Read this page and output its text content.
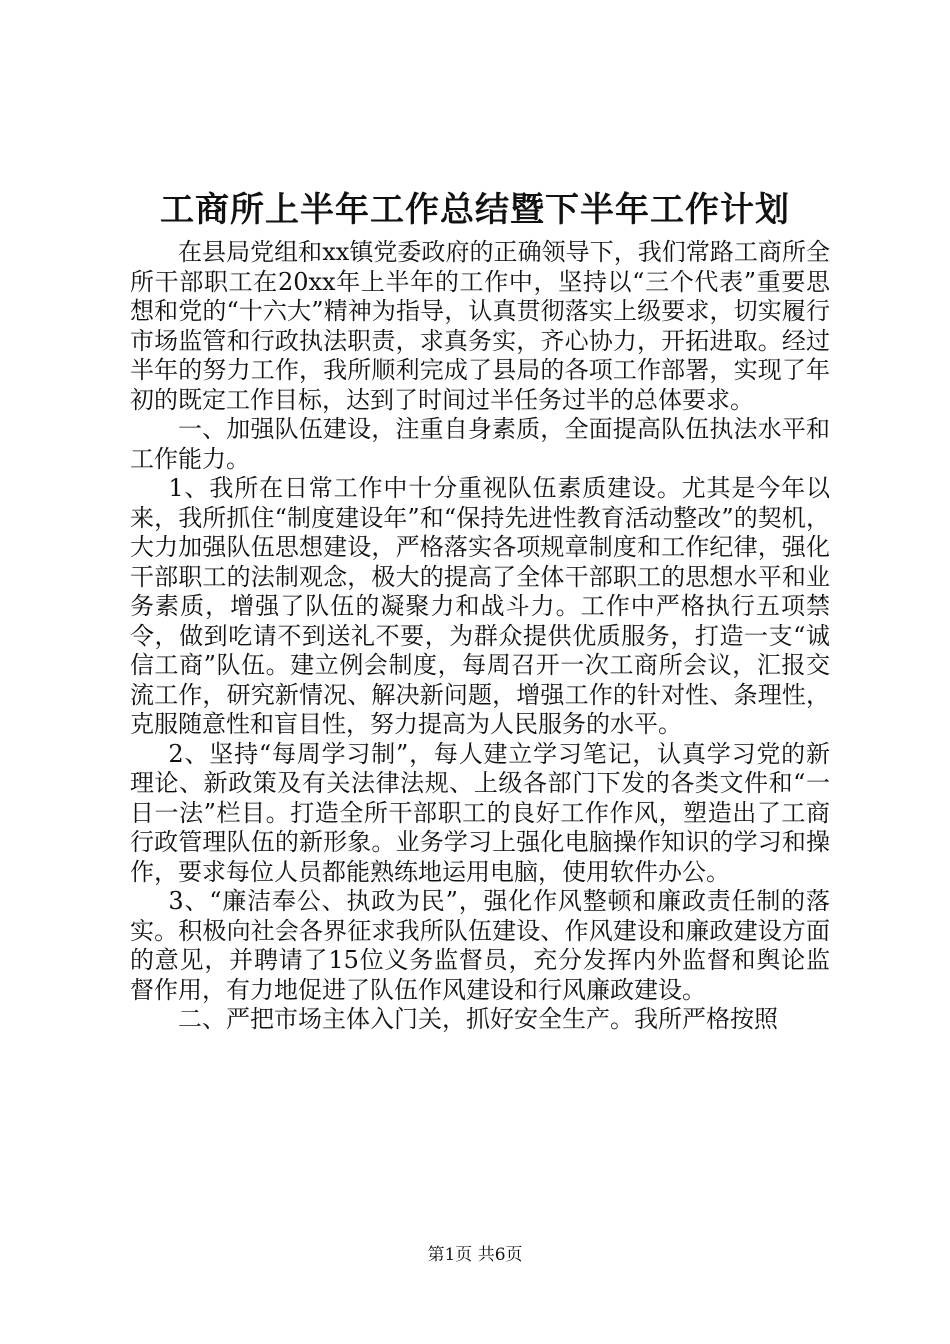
工商所上半年工作总结暨下半年工作计划

在县局党组和xx镇党委政府的正确领导下，我们常路工商所全所干部职工在20xx年上半年的工作中，坚持以“三个代表”重要思想和党的“十六大”精神为指导，认真贯彻落实上级要求，切实履行市场监管和行政执法职责，求真务实，齐心协力，开拓进取。经过半年的努力工作，我所顺利完成了县局的各项工作部署，实现了年初的既定工作目标，达到了时间过半任务过半的总体要求。

一、加强队伍建设，注重自身素质，全面提高队伍执法水平和工作能力。

1、我所在日常工作中十分重视队伍素质建设。尤其是今年以来，我所抓住“制度建设年”和“保持先进性教育活动整改”的契机，大力加强队伍思想建设，严格落实各项规章制度和工作纪律，强化干部职工的法制观念，极大的提高了全体干部职工的思想水平和业务素质，增强了队伍的凝聚力和战斗力。工作中严格执行五项禁令，做到吃请不到送礼不要，为群众提供优质服务，打造一支“诚信工商”队伍。建立例会制度，每周召开一次工商所会议，汇报交流工作，研究新情况、解决新问题，增强工作的针对性、条理性，克服随意性和盲目性，努力提高为人民服务的水平。

2、坚持“每周学习制”，每人建立学习笔记，认真学习党的新理论、新政策及有关法律法规、上级各部门下发的各类文件和“一日一法”栏目。打造全所干部职工的良好工作作风，塑造出了工商行政管理队伍的新形象。业务学习上强化电脑操作知识的学习和操作，要求每位人员都能熟练地运用电脑，使用软件办公。

3、“廉洁奉公、执政为民”，强化作风整顿和廉政责任制的落实。积极向社会各界征求我所队伍建设、作风建设和廉政建设方面的意见，并聘请了15位义务监督员，充分发挥内外监督和舆论监督作用，有力地促进了队伍作风建设和行风廉政建设。

二、严把市场主体入门关，抓好安全生产。我所严格按照

第1页 共6页
